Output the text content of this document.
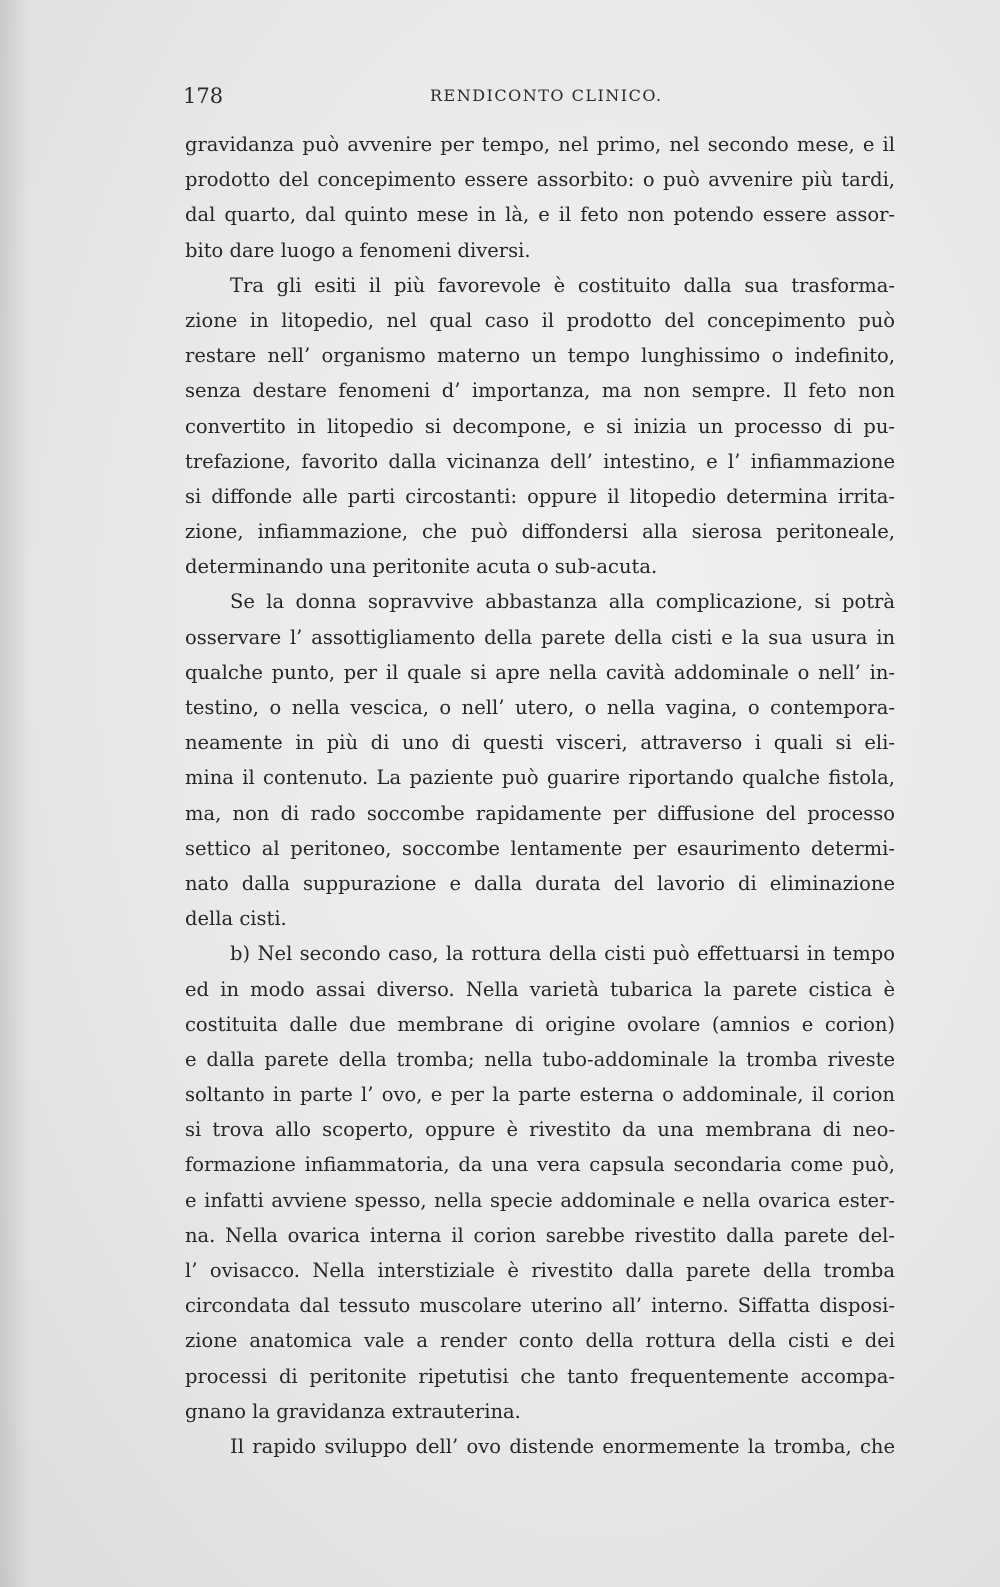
178	RENDICONTO CLINICO.
gravidanza può avvenire per tempo, nel primo, nel secondo mese, e il
prodotto del concepimento essere assorbito: o può avvenire più tardi,
dal quarto, dal quinto mese in là, e il feto non potendo essere assor-
bito dare luogo a fenomeni diversi.
Tra gli esiti il più favorevole è costituito dalla sua trasforma-
zione in litopedio, nel qual caso il prodotto del concepimento può
restare nell’ organismo materno un tempo lunghissimo o indefinito,
senza destare fenomeni d’ importanza, ma non sempre. Il feto non
convertito in litopedio si decompone, e si inizia un processo di pu-
trefazione, favorito dalla vicinanza dell’ intestino, e l’ infiammazione
si diffonde alle parti circostanti: oppure il litopedio determina irrita-
zione, infiammazione, che può diffondersi alla sierosa peritoneale,
determinando una peritonite acuta o sub-acuta.
Se la donna sopravvive abbastanza alla complicazione, si potrà
osservare l’ assottigliamento della parete della cisti e la sua usura in
qualche punto, per il quale si apre nella cavità addominale o nell’ in-
testino, o nella vescica, o nell’ utero, o nella vagina, o contempora-
neamente in più di uno di questi visceri, attraverso i quali si eli-
mina il contenuto. La paziente può guarire riportando qualche fistola,
ma, non di rado soccombe rapidamente per diffusione del processo
settico al peritoneo, soccombe lentamente per esaurimento determi-
nato dalla suppurazione e dalla durata del lavorio di eliminazione
della cisti.
b) Nel secondo caso, la rottura della cisti può effettuarsi in tempo
ed in modo assai diverso. Nella varietà tubarica la parete cistica è
costituita dalle due membrane di origine ovolare (amnios e corion)
e dalla parete della tromba; nella tubo-addominale la tromba riveste
soltanto in parte l’ ovo, e per la parte esterna o addominale, il corion
si trova allo scoperto, oppure è rivestito da una membrana di neo-
formazione infiammatoria, da una vera capsula secondaria come può,
e infatti avviene spesso, nella specie addominale e nella ovarica ester-
na. Nella ovarica interna il corion sarebbe rivestito dalla parete del-
l’ ovisacco. Nella interstiziale è rivestito dalla parete della tromba
circondata dal tessuto muscolare uterino all’ interno. Siffatta disposi-
zione anatomica vale a render conto della rottura della cisti e dei
processi di peritonite ripetutisi che tanto frequentemente accompa-
gnano la gravidanza extrauterina.
Il rapido sviluppo dell’ ovo distende enormemente la tromba, che
